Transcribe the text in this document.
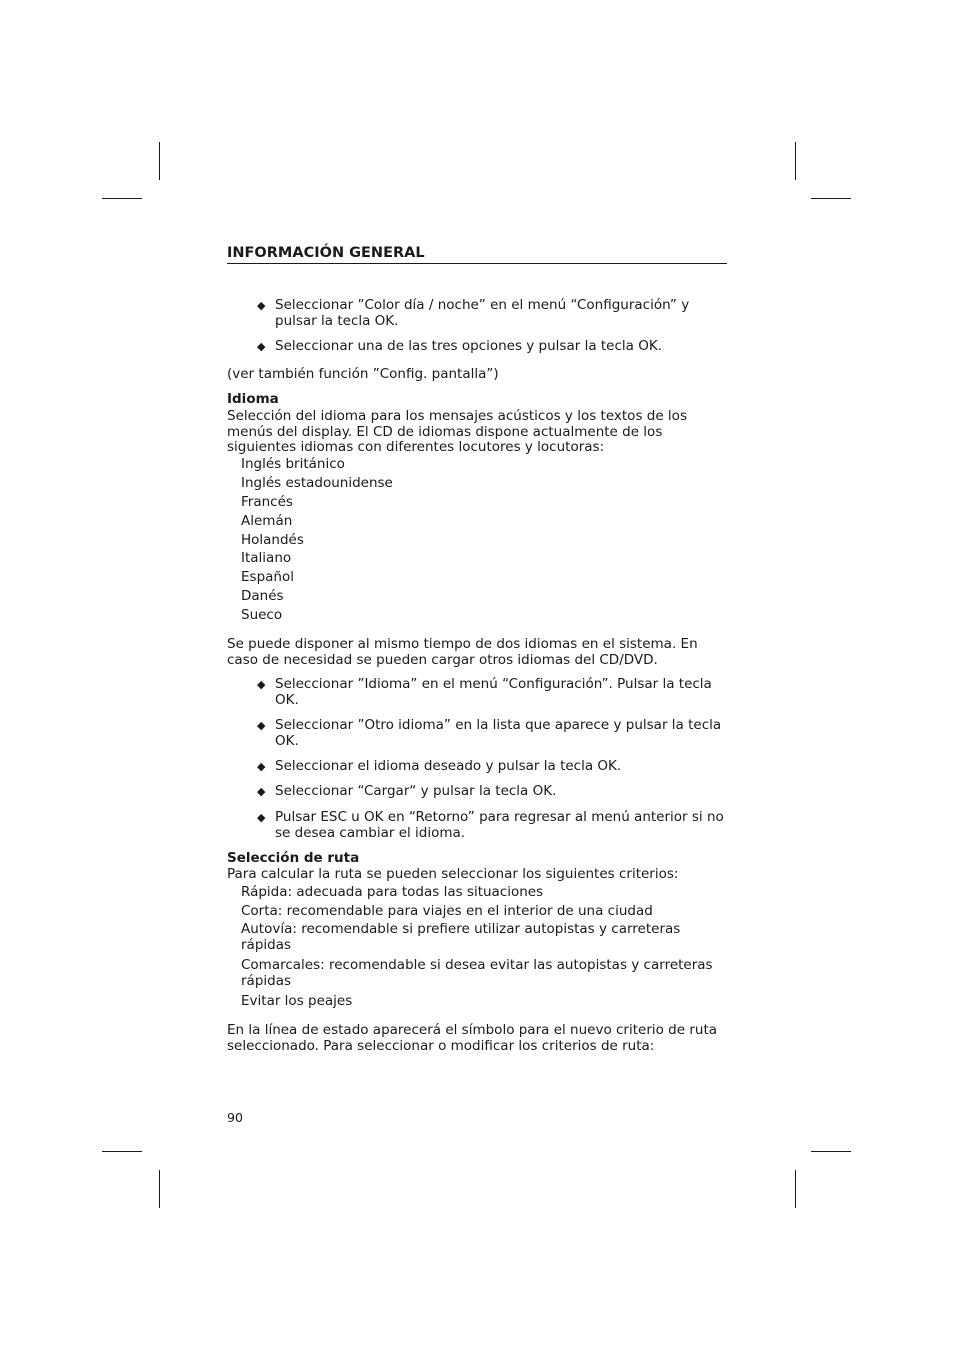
INFORMACIÓN GENERAL
◆ Seleccionar ”Color día / noche” en el menú “Configuración” y pulsar la tecla OK.
◆ Seleccionar una de las tres opciones y pulsar la tecla OK.
(ver también función ”Config. pantalla”)
Idioma
Selección del idioma para los mensajes acústicos y los textos de los menús del display. El CD de idiomas dispone actualmente de los siguientes idiomas con diferentes locutores y locutoras:
Inglés británico
Inglés estadounidense
Francés
Alemán
Holandés
Italiano
Español
Danés
Sueco
Se puede disponer al mismo tiempo de dos idiomas en el sistema. En caso de necesidad se pueden cargar otros idiomas del CD/DVD.
◆ Seleccionar ”Idioma” en el menú “Configuración”. Pulsar la tecla OK.
◆ Seleccionar ”Otro idioma” en la lista que aparece y pulsar la tecla OK.
◆ Seleccionar el idioma deseado y pulsar la tecla OK.
◆ Seleccionar “Cargar“ y pulsar la tecla OK.
◆ Pulsar ESC u OK en “Retorno” para regresar al menú anterior si no se desea cambiar el idioma.
Selección de ruta
Para calcular la ruta se pueden seleccionar los siguientes criterios:
Rápida: adecuada para todas las situaciones
Corta: recomendable para viajes en el interior de una ciudad
Autovía: recomendable si prefiere utilizar autopistas y carreteras rápidas
Comarcales: recomendable si desea evitar las autopistas y carreteras rápidas
Evitar los peajes
En la línea de estado aparecerá el símbolo para el nuevo criterio de ruta seleccionado. Para seleccionar o modificar los criterios de ruta:
90
